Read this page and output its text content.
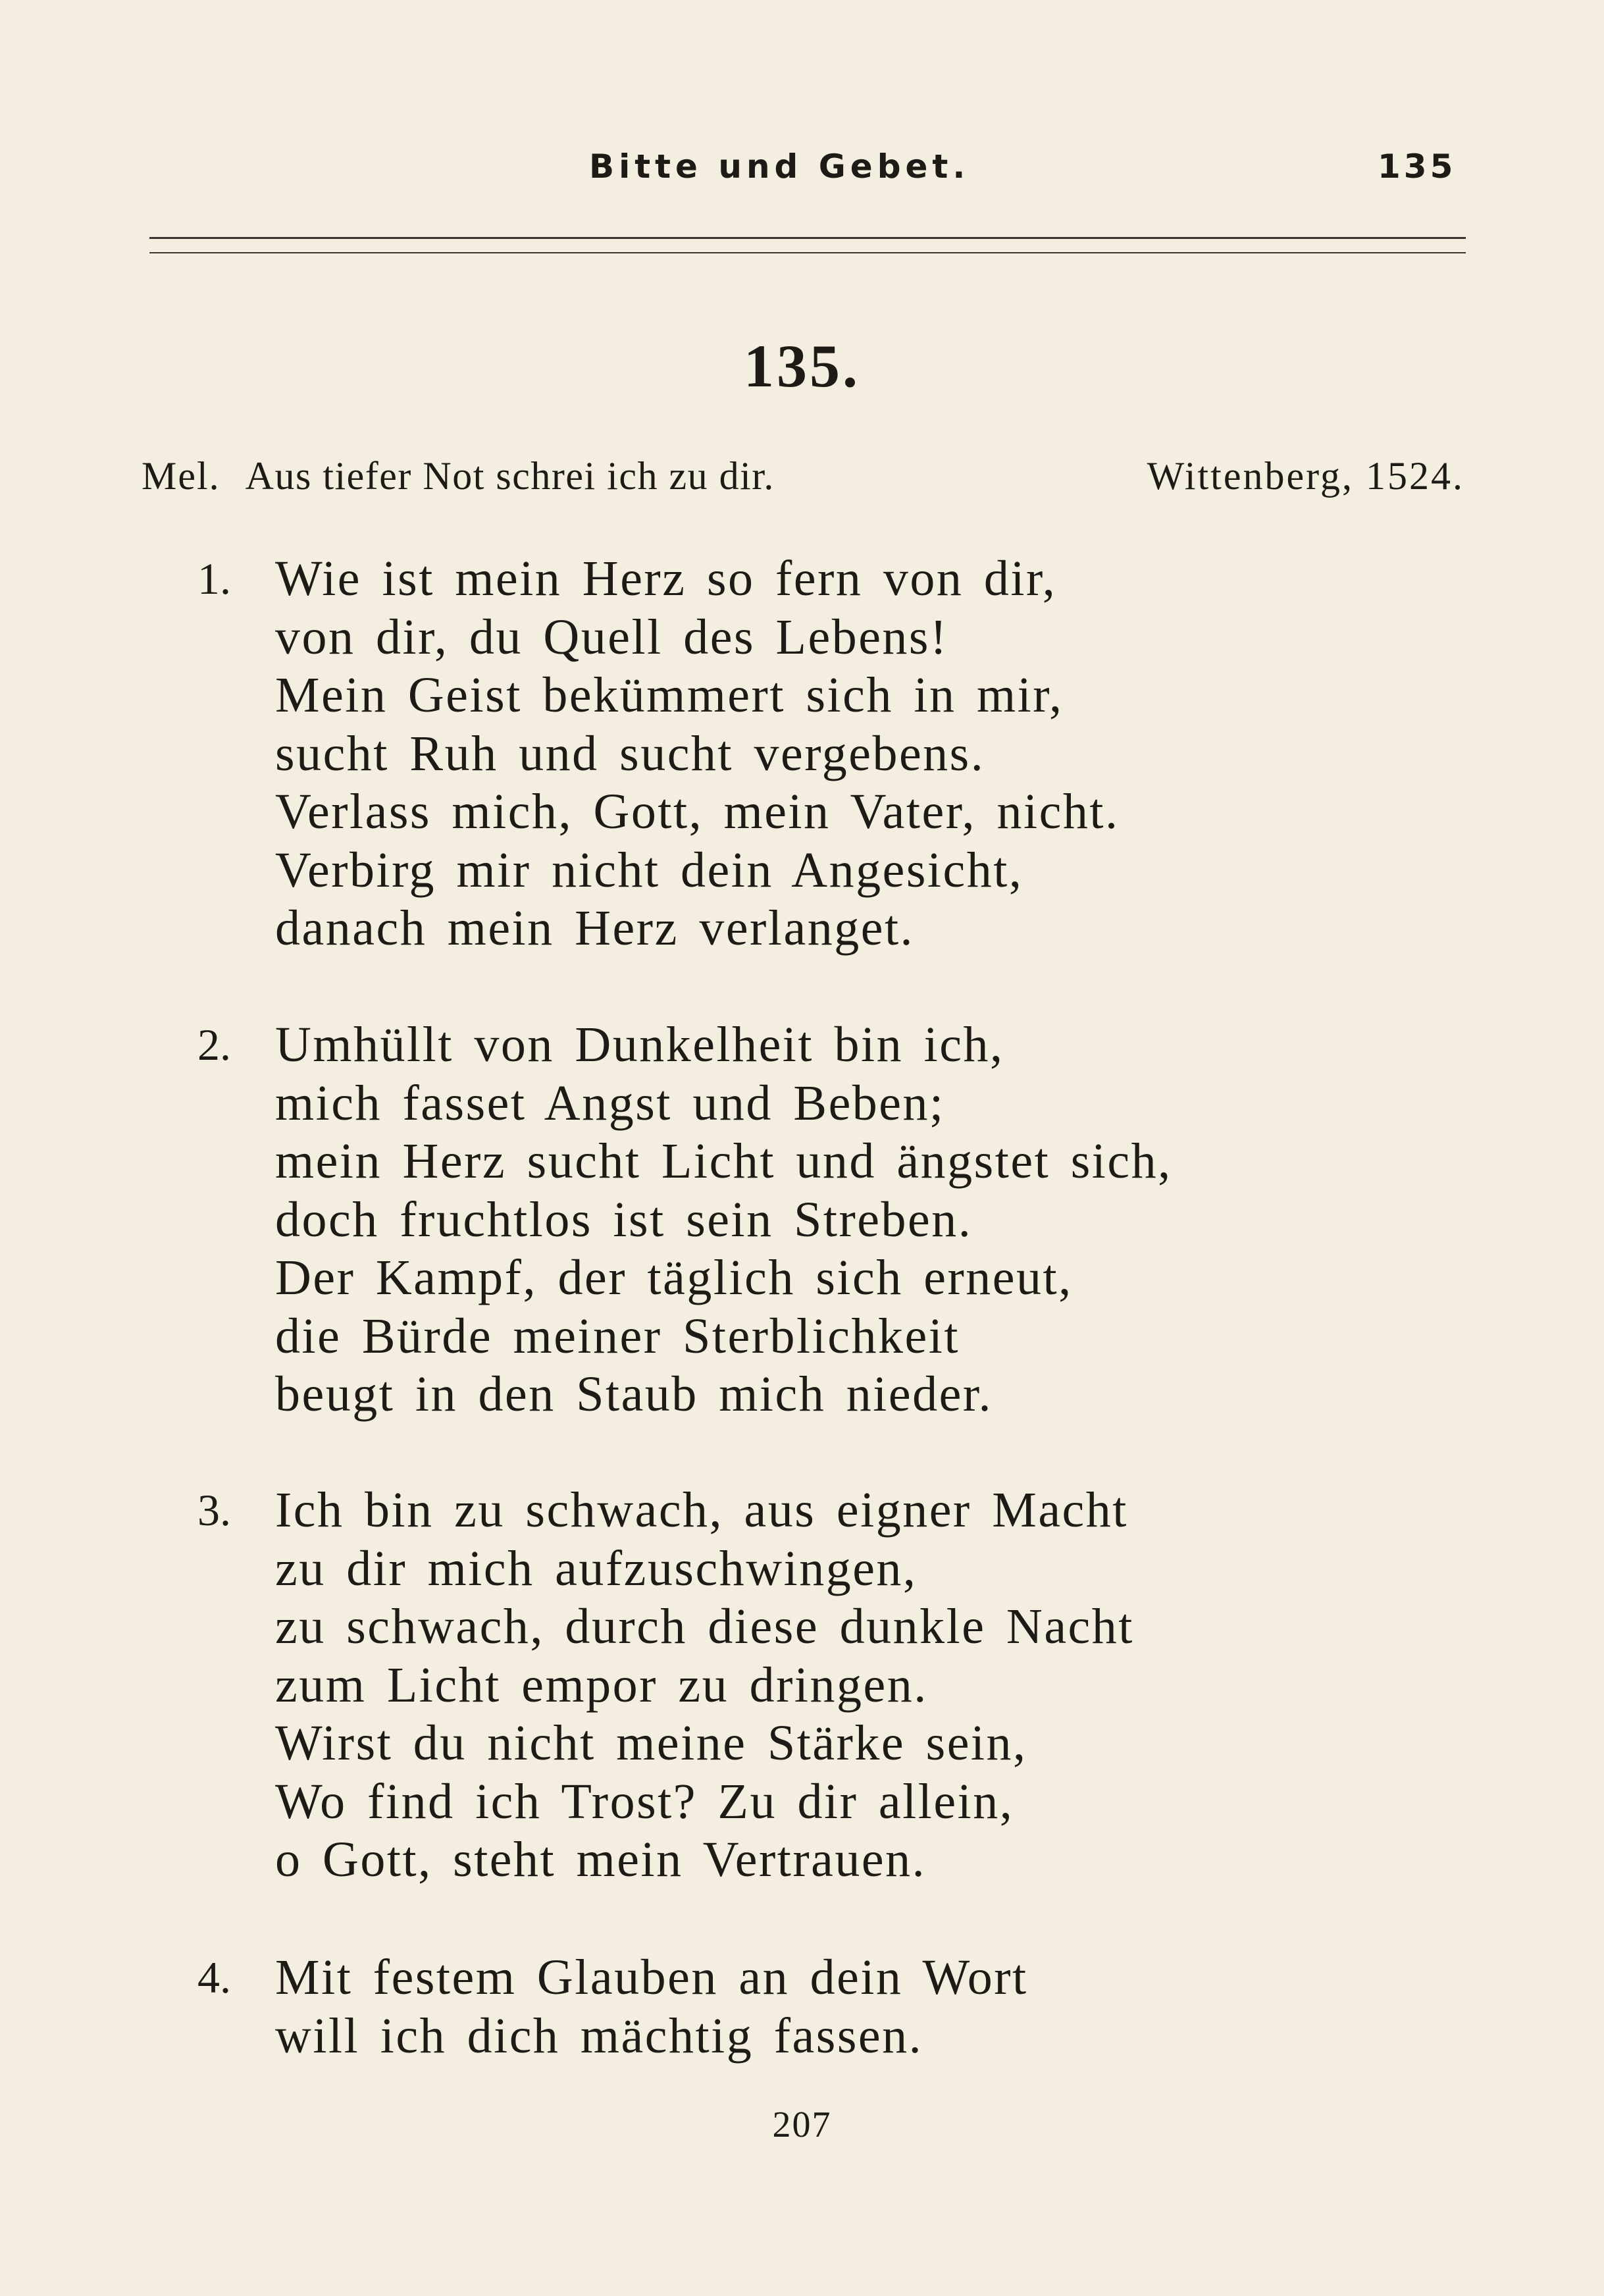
Bitte und Gebet.	135
135.
Mel. Aus tiefer Not schrei ich zu dir.	Wittenberg, 1524.
1. Wie ist mein Herz so fern von dir,
von dir, du Quell des Lebens!
Mein Geist bekümmert sich in mir,
sucht Ruh und sucht vergebens.
Verlass mich, Gott, mein Vater, nicht.
Verbirg mir nicht dein Angesicht,
danach mein Herz verlanget.
2. Umhüllt von Dunkelheit bin ich,
mich fasset Angst und Beben;
mein Herz sucht Licht und ängstet sich,
doch fruchtlos ist sein Streben.
Der Kampf, der täglich sich erneut,
die Bürde meiner Sterblichkeit
beugt in den Staub mich nieder.
3. Ich bin zu schwach, aus eigner Macht
zu dir mich aufzuschwingen,
zu schwach, durch diese dunkle Nacht
zum Licht empor zu dringen.
Wirst du nicht meine Stärke sein,
Wo find ich Trost? Zu dir allein,
o Gott, steht mein Vertrauen.
4. Mit festem Glauben an dein Wort
will ich dich mächtig fassen.
207
